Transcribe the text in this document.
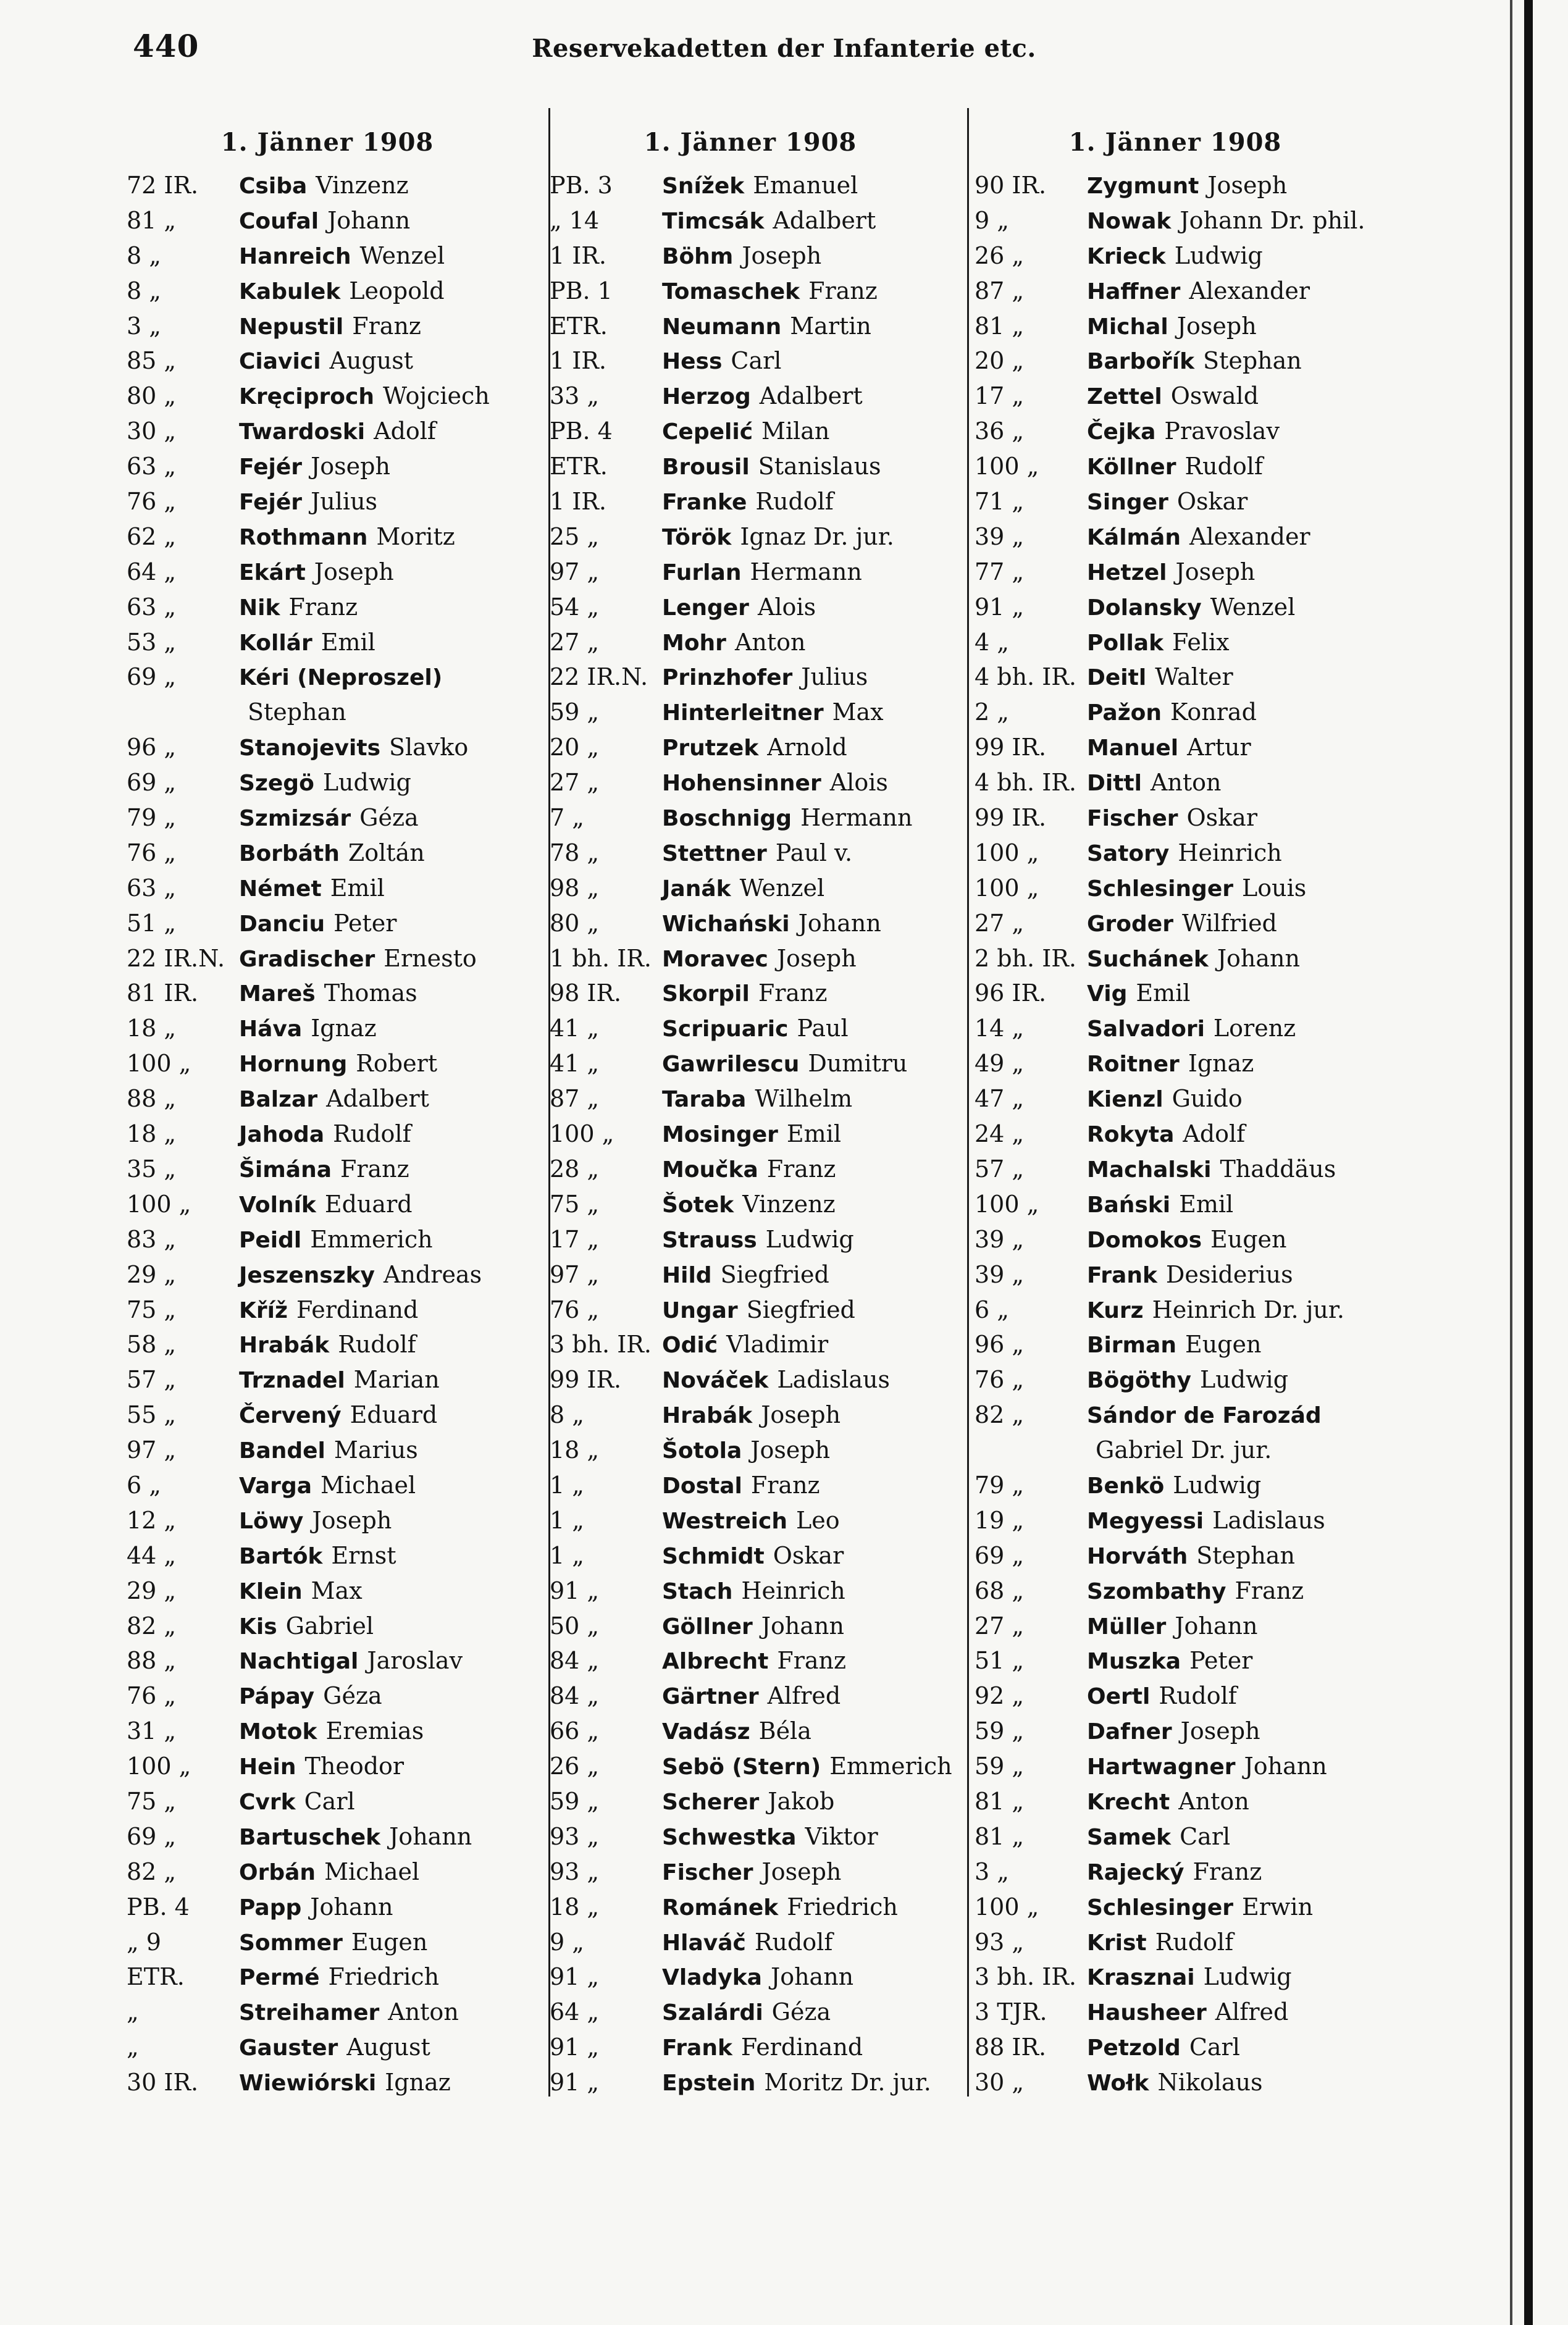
440	Reservekadetten der Infanterie etc.
1. Jänner 1908
72 IR.	Csiba Vinzenz
81 „	Coufal Johann
8 „	Hanreich Wenzel
8 „	Kabulek Leopold
3 „	Nepustil Franz
85 „	Ciavici August
80 „	Kręciproch Wojciech
30 „	Twardoski Adolf
63 „	Fejér Joseph
76 „	Fejér Julius
62 „	Rothmann Moritz
64 „	Ekárt Joseph
63 „	Nik Franz
53 „	Kollár Emil
69 „	Kéri (Neproszel)
Stephan
96 „	Stanojevits Slavko
69 „	Szegö Ludwig
79 „	Szmizsár Géza
76 „	Borbáth Zoltán
63 „	Német Emil
51 „	Danciu Peter
22 IR.N. Gradischer Ernesto
81 IR.	Mareš Thomas
18 „	Háva Ignaz
100 „	Hornung Robert
88 „	Balzar Adalbert
18 „	Jahoda Rudolf
35 „	Šimána Franz
100 „	Volník Eduard
83 „	Peidl Emmerich
29 „	Jeszenszky Andreas
75 „	Kříž Ferdinand
58 „	Hrabák Rudolf
57 „	Trznadel Marian
55 „	Červený Eduard
97 „	Bandel Marius
6 „	Varga Michael
12 „	Löwy Joseph
44 „	Bartók Ernst
29 „	Klein Max
82 „	Kis Gabriel
88 „	Nachtigal Jaroslav
76 „	Pápay Géza
31 „	Motok Eremias
100 „	Hein Theodor
75 „	Cvrk Carl
69 „	Bartuschek Johann
82 „	Orbán Michael
PB. 4	Papp Johann
„ 9	Sommer Eugen
ETR.	Permé Friedrich
„	Streihamer Anton
„	Gauster August
30 IR.	Wiewiórski Ignaz
1. Jänner 1908
PB. 3	Snížek Emanuel
„ 14	Timcsák Adalbert
1 IR.	Böhm Joseph
PB. 1	Tomaschek Franz
ETR.	Neumann Martin
1 IR.	Hess Carl
33 „	Herzog Adalbert
PB. 4	Cepelić Milan
ETR.	Brousil Stanislaus
1 IR.	Franke Rudolf
25 „	Török Ignaz Dr. jur.
97 „	Furlan Hermann
54 „	Lenger Alois
27 „	Mohr Anton
22 IR.N. Prinzhofer Julius
59 „	Hinterleitner Max
20 „	Prutzek Arnold
27 „	Hohensinner Alois
7 „	Boschnigg Hermann
78 „	Stettner Paul v.
98 „	Janák Wenzel
80 „	Wichański Johann
1 bh. IR. Moravec Joseph
98 IR.	Skorpil Franz
41 „	Scripuaric Paul
41 „	Gawrilescu Dumitru
87 „	Taraba Wilhelm
100 „	Mosinger Emil
28 „	Moučka Franz
75 „	Šotek Vinzenz
17 „	Strauss Ludwig
97 „	Hild Siegfried
76 „	Ungar Siegfried
3 bh. IR. Odić Vladimir
99 IR.	Nováček Ladislaus
8 „	Hrabák Joseph
18 „	Šotola Joseph
1 „	Dostal Franz
1 „	Westreich Leo
1 „	Schmidt Oskar
91 „	Stach Heinrich
50 „	Göllner Johann
84 „	Albrecht Franz
84 „	Gärtner Alfred
66 „	Vadász Béla
26 „	Sebö (Stern) Emmerich
59 „	Scherer Jakob
93 „	Schwestka Viktor
93 „	Fischer Joseph
18 „	Románek Friedrich
9 „	Hlaváč Rudolf
91 „	Vladyka Johann
64 „	Szalárdi Géza
91 „	Frank Ferdinand
91 „	Epstein Moritz Dr. jur.
1. Jänner 1908
90 IR.	Zygmunt Joseph
9 „	Nowak Johann Dr. phil.
26 „	Krieck Ludwig
87 „	Haffner Alexander
81 „	Michal Joseph
20 „	Barbořík Stephan
17 „	Zettel Oswald
36 „	Čejka Pravoslav
100 „	Köllner Rudolf
71 „	Singer Oskar
39 „	Kálmán Alexander
77 „	Hetzel Joseph
91 „	Dolansky Wenzel
4 „	Pollak Felix
4 bh. IR. Deitl Walter
2 „	Pažon Konrad
99 IR.	Manuel Artur
4 bh. IR. Dittl Anton
99 IR.	Fischer Oskar
100 „	Satory Heinrich
100 „	Schlesinger Louis
27 „	Groder Wilfried
2 bh. IR. Suchánek Johann
96 IR.	Vig Emil
14 „	Salvadori Lorenz
49 „	Roitner Ignaz
47 „	Kienzl Guido
24 „	Rokyta Adolf
57 „	Machalski Thaddäus
100 „	Bański Emil
39 „	Domokos Eugen
39 „	Frank Desiderius
6 „	Kurz Heinrich Dr. jur.
96 „	Birman Eugen
76 „	Bögöthy Ludwig
82 „	Sándor de Farozád
Gabriel Dr. jur.
79 „	Benkö Ludwig
19 „	Megyessi Ladislaus
69 „	Horváth Stephan
68 „	Szombathy Franz
27 „	Müller Johann
51 „	Muszka Peter
92 „	Oertl Rudolf
59 „	Dafner Joseph
59 „	Hartwagner Johann
81 „	Krecht Anton
81 „	Samek Carl
3 „	Rajecký Franz
100 „	Schlesinger Erwin
93 „	Krist Rudolf
3 bh. IR. Krasznai Ludwig
3 TJR.	Hausheer Alfred
88 IR.	Petzold Carl
30 „	Wołk Nikolaus
